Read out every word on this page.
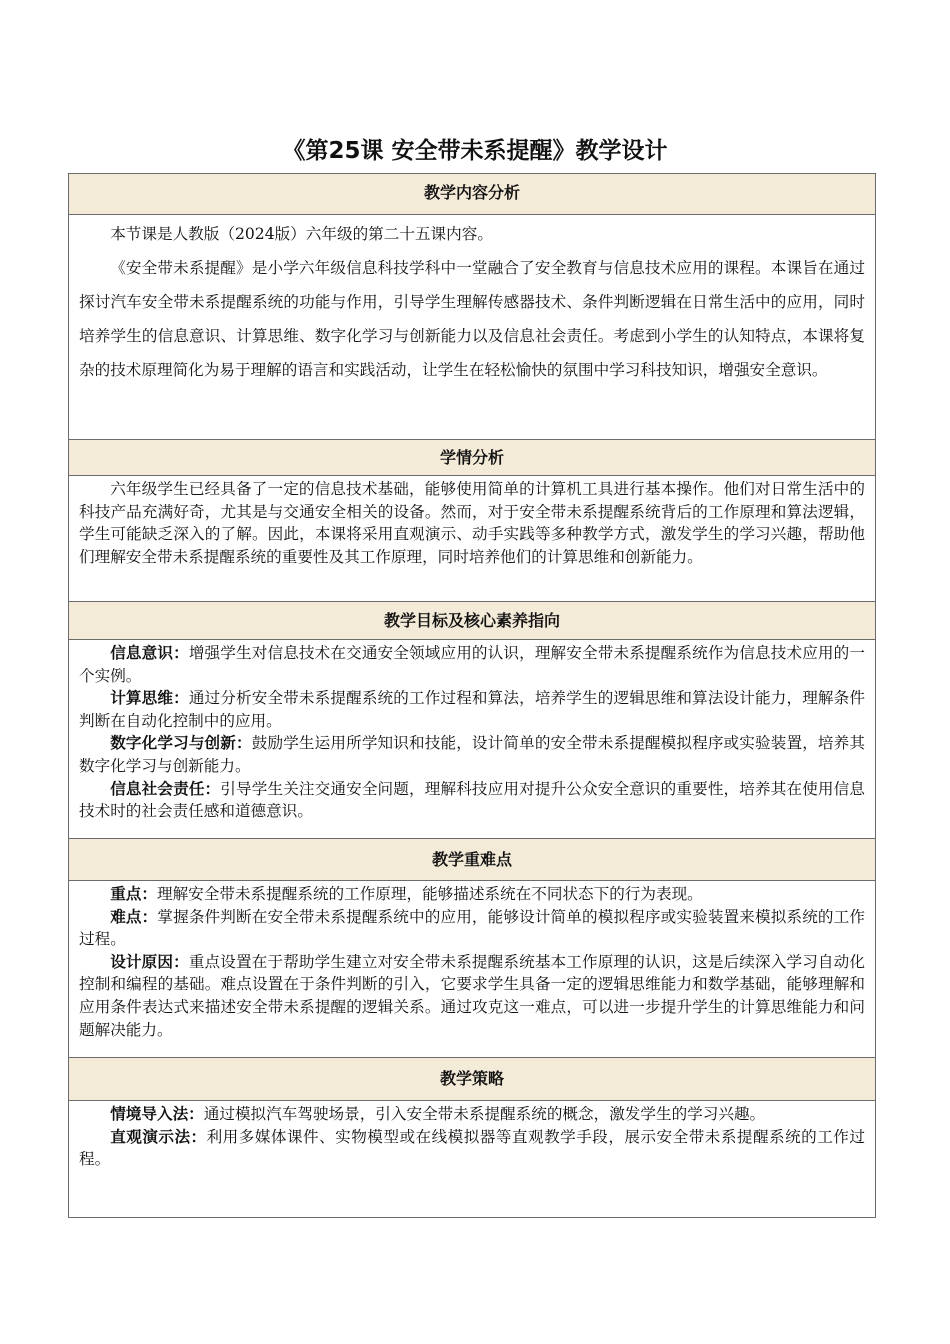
《第25课 安全带未系提醒》教学设计
教学内容分析

本节课是人教版（2024版）六年级的第二十五课内容。

《安全带未系提醒》是小学六年级信息科技学科中一堂融合了安全教育与信息技术应用的课程。本课旨在通过探讨汽车安全带未系提醒系统的功能与作用，引导学生理解传感器技术、条件判断逻辑在日常生活中的应用，同时培养学生的信息意识、计算思维、数字化学习与创新能力以及信息社会责任。考虑到小学生的认知特点，本课将复杂的技术原理简化为易于理解的语言和实践活动，让学生在轻松愉快的氛围中学习科技知识，增强安全意识。

学情分析

六年级学生已经具备了一定的信息技术基础，能够使用简单的计算机工具进行基本操作。他们对日常生活中的科技产品充满好奇，尤其是与交通安全相关的设备。然而，对于安全带未系提醒系统背后的工作原理和算法逻辑，学生可能缺乏深入的了解。因此，本课将采用直观演示、动手实践等多种教学方式，激发学生的学习兴趣，帮助他们理解安全带未系提醒系统的重要性及其工作原理，同时培养他们的计算思维和创新能力。

教学目标及核心素养指向

信息意识：增强学生对信息技术在交通安全领域应用的认识，理解安全带未系提醒系统作为信息技术应用的一个实例。

计算思维：通过分析安全带未系提醒系统的工作过程和算法，培养学生的逻辑思维和算法设计能力，理解条件判断在自动化控制中的应用。

数字化学习与创新：鼓励学生运用所学知识和技能，设计简单的安全带未系提醒模拟程序或实验装置，培养其数字化学习与创新能力。

信息社会责任：引导学生关注交通安全问题，理解科技应用对提升公众安全意识的重要性，培养其在使用信息技术时的社会责任感和道德意识。

教学重难点

重点：理解安全带未系提醒系统的工作原理，能够描述系统在不同状态下的行为表现。

难点：掌握条件判断在安全带未系提醒系统中的应用，能够设计简单的模拟程序或实验装置来模拟系统的工作过程。

设计原因：重点设置在于帮助学生建立对安全带未系提醒系统基本工作原理的认识，这是后续深入学习自动化控制和编程的基础。难点设置在于条件判断的引入，它要求学生具备一定的逻辑思维能力和数学基础，能够理解和应用条件表达式来描述安全带未系提醒的逻辑关系。通过攻克这一难点，可以进一步提升学生的计算思维能力和问题解决能力。

教学策略

情境导入法：通过模拟汽车驾驶场景，引入安全带未系提醒系统的概念，激发学生的学习兴趣。

直观演示法：利用多媒体课件、实物模型或在线模拟器等直观教学手段，展示安全带未系提醒系统的工作过程。
